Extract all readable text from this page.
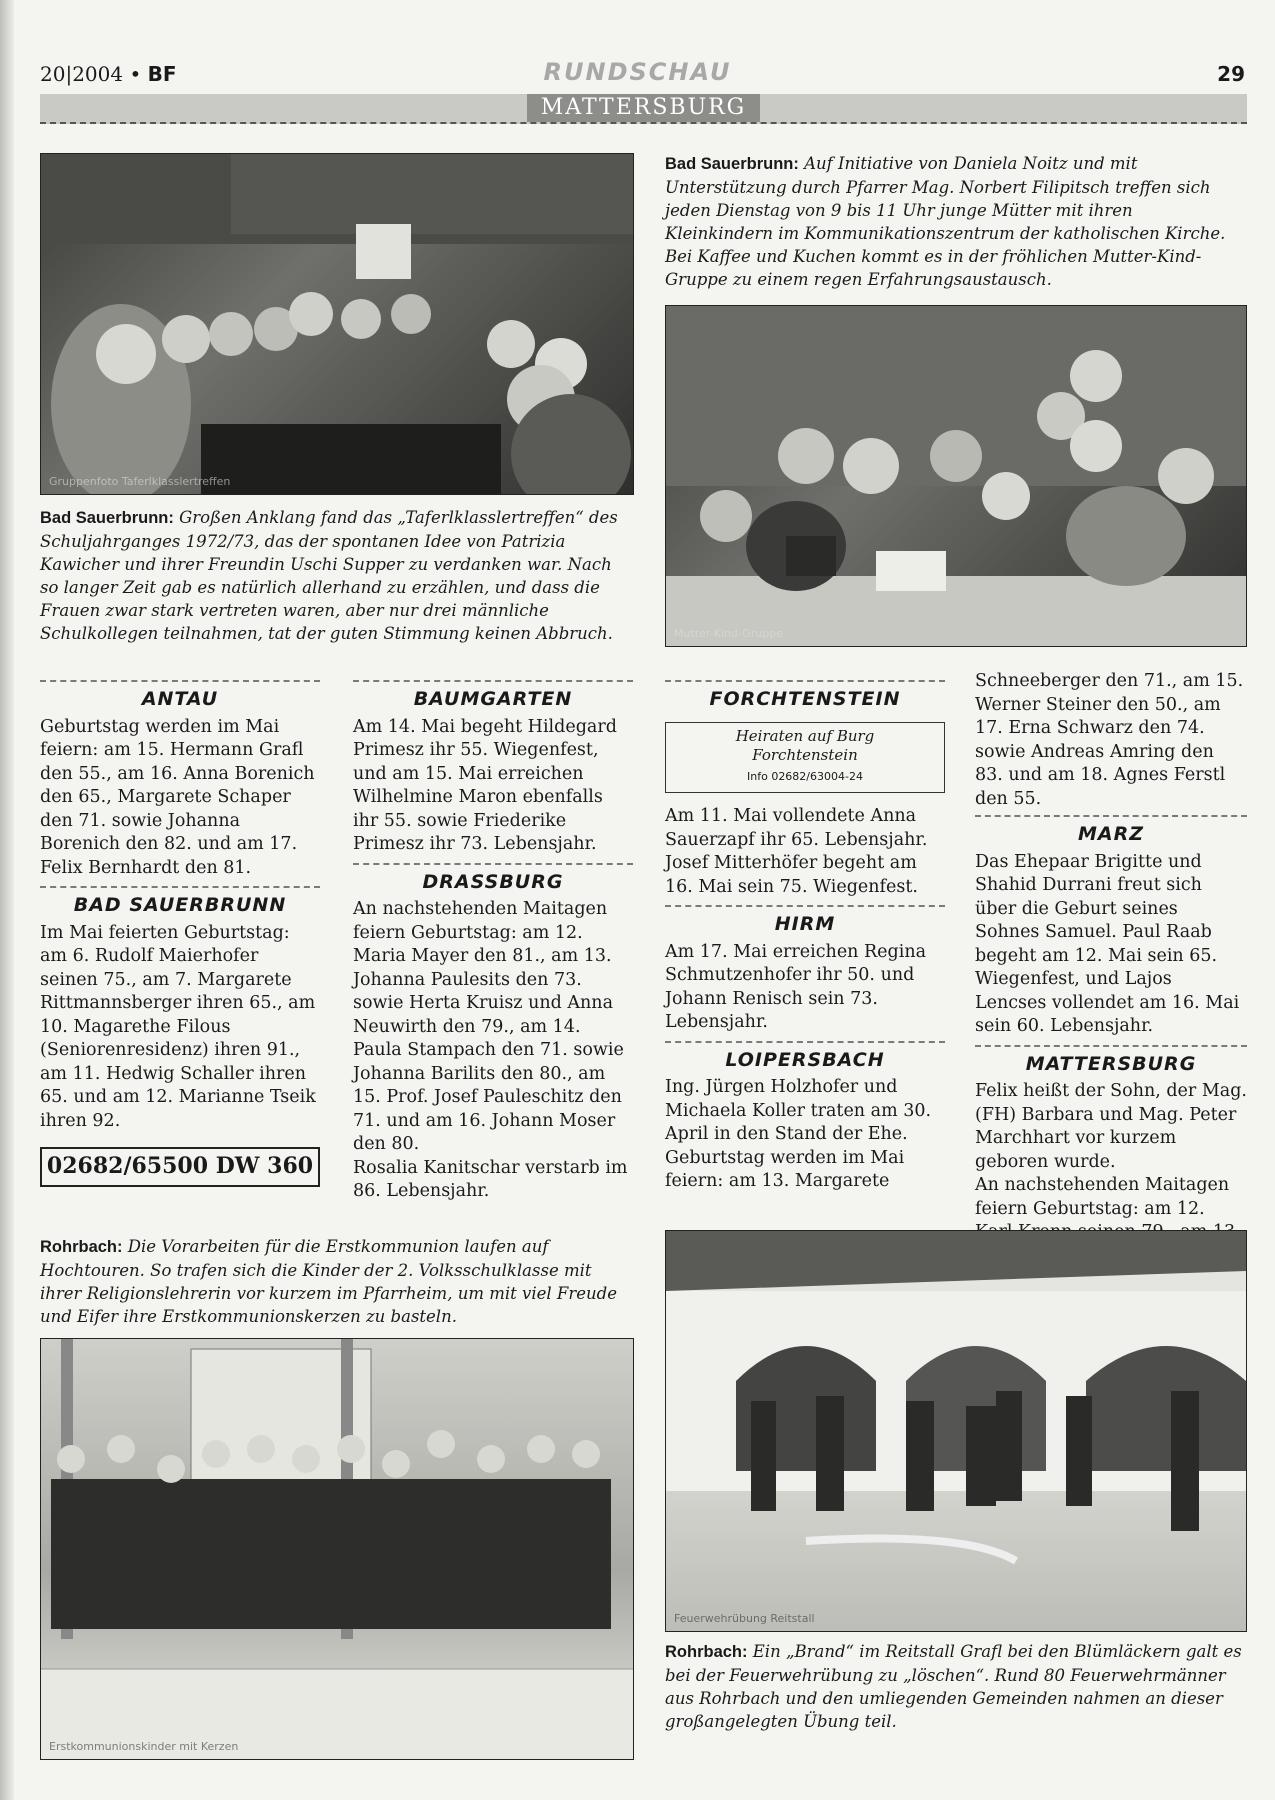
20|2004 • BF	RUNDSCHAU	29
MATTERSBURG
Gruppenfoto Taferlklasslertreffen
Bad Sauerbrunn: Auf Initiative von Daniela Noitz und mit Unterstützung durch Pfarrer Mag. Norbert Filipitsch treffen sich jeden Dienstag von 9 bis 11 Uhr junge Mütter mit ihren Kleinkindern im Kommunikationszentrum der katholischen Kirche. Bei Kaffee und Kuchen kommt es in der fröhlichen Mutter-Kind-Gruppe zu einem regen Erfahrungsaustausch.
Mutter-Kind-Gruppe
Bad Sauerbrunn: Großen Anklang fand das „Taferlklasslertreffen“ des Schuljahrganges 1972/73, das der spontanen Idee von Patrizia Kawicher und ihrer Freundin Uschi Supper zu verdanken war. Nach so langer Zeit gab es natürlich allerhand zu erzählen, und dass die Frauen zwar stark vertreten waren, aber nur drei männliche Schulkollegen teilnahmen, tat der guten Stimmung keinen Abbruch.
ANTAU

Geburtstag werden im Mai feiern: am 15. Hermann Grafl den 55., am 16. Anna Borenich den 65., Margarete Schaper den 71. sowie Johanna Borenich den 82. und am 17. Felix Bernhardt den 81.

BAD SAUERBRUNN

Im Mai feierten Geburtstag: am 6. Rudolf Maierhofer seinen 75., am 7. Margarete Rittmannsberger ihren 65., am 10. Magarethe Filous (Seniorenresidenz) ihren 91., am 11. Hedwig Schaller ihren 65. und am 12. Marianne Tseik ihren 92.

02682/65500 DW 360
BAUMGARTEN

Am 14. Mai begeht Hildegard Primesz ihr 55. Wiegenfest, und am 15. Mai erreichen Wilhelmine Maron ebenfalls ihr 55. sowie Friederike Primesz ihr 73. Lebensjahr.

DRASSBURG

An nachstehenden Maitagen feiern Geburtstag: am 12. Maria Mayer den 81., am 13. Johanna Paulesits den 73. sowie Herta Kruisz und Anna Neuwirth den 79., am 14. Paula Stampach den 71. sowie Johanna Barilits den 80., am 15. Prof. Josef Pauleschitz den 71. und am 16. Johann Moser den 80.

Rosalia Kanitschar verstarb im 86. Lebensjahr.

FORCHTENSTEIN
Heiraten auf Burg
Forchtenstein
Info 02682/63004-24

Am 11. Mai vollendete Anna Sauerzapf ihr 65. Lebensjahr. Josef Mitterhöfer begeht am 16. Mai sein 75. Wiegenfest.

HIRM

Am 17. Mai erreichen Regina Schmutzenhofer ihr 50. und Johann Renisch sein 73. Lebensjahr.

LOIPERSBACH

Ing. Jürgen Holzhofer und Michaela Koller traten am 30. April in den Stand der Ehe. Geburtstag werden im Mai feiern: am 13. Margarete

Schneeberger den 71., am 15. Werner Steiner den 50., am 17. Erna Schwarz den 74. sowie Andreas Amring den 83. und am 18. Agnes Ferstl den 55.

MARZ

Das Ehepaar Brigitte und Shahid Durrani freut sich über die Geburt seines Sohnes Samuel. Paul Raab begeht am 12. Mai sein 65. Wiegenfest, und Lajos Lencses vollendet am 16. Mai sein 60. Lebensjahr.

MATTERSBURG

Felix heißt der Sohn, der Mag. (FH) Barbara und Mag. Peter Marchhart vor kurzem geboren wurde.

An nachstehenden Maitagen feiern Geburtstag: am 12.

Rohrbach: Die Vorarbeiten für die Erstkommunion laufen auf Hochtouren. So trafen sich die Kinder der 2. Volksschulklasse mit ihrer Religionslehrerin vor kurzem im Pfarrheim, um mit viel Freude und Eifer ihre Erstkommunionskerzen zu basteln.
Erstkommunionskinder mit Kerzen
Feuerwehrübung Reitstall
Rohrbach: Ein „Brand“ im Reitstall Grafl bei den Blümläckern galt es bei der Feuerwehrübung zu „löschen“. Rund 80 Feuerwehrmänner aus Rohrbach und den umliegenden Gemeinden nahmen an dieser großangelegten Übung teil.
